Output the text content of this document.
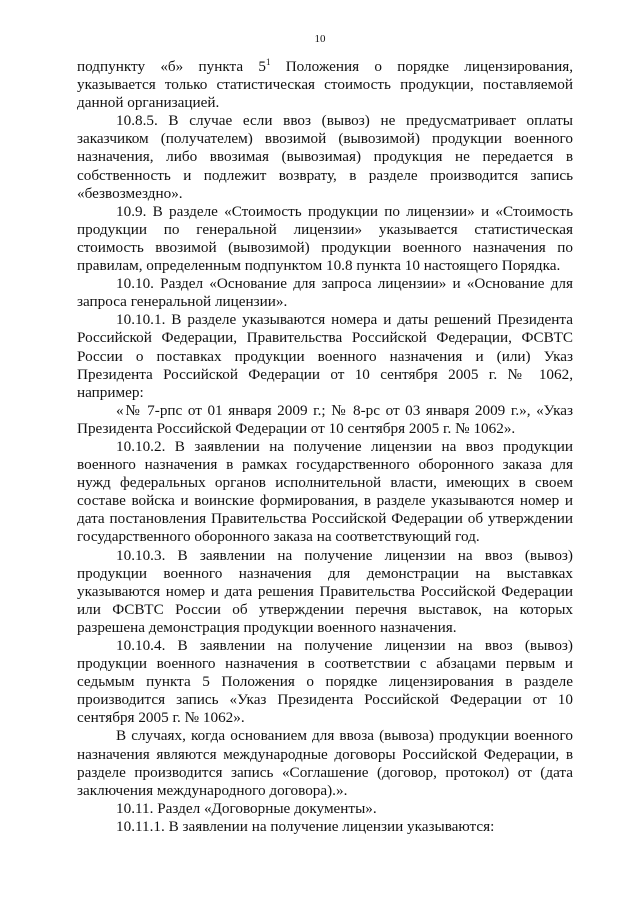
10

подпункту «б» пункта $5^1$ Положения о порядке лицензирования, указывается только статистическая стоимость продукции, поставляемой данной организацией.

10.8.5. В случае если ввоз (вывоз) не предусматривает оплаты заказчиком (получателем) ввозимой (вывозимой) продукции военного назначения, либо ввозимая (вывозимая) продукция не передается в собственность и подлежит возврату, в разделе производится запись «безвозмездно».

10.9. В разделе «Стоимость продукции по лицензии» и «Стоимость продукции по генеральной лицензии» указывается статистическая стоимость ввозимой (вывозимой) продукции военного назначения по правилам, определенным подпунктом 10.8 пункта 10 настоящего Порядка.

10.10. Раздел «Основание для запроса лицензии» и «Основание для запроса генеральной лицензии».

10.10.1. В разделе указываются номера и даты решений Президента Российской Федерации, Правительства Российской Федерации, ФСВТС России о поставках продукции военного назначения и (или) Указ Президента Российской Федерации от 10 сентября 2005 г. № 1062, например:

«№ 7-рпс от 01 января 2009 г.; № 8-рс от 03 января 2009 г.», «Указ Президента Российской Федерации от 10 сентября 2005 г. № 1062».

10.10.2. В заявлении на получение лицензии на ввоз продукции военного назначения в рамках государственного оборонного заказа для нужд федеральных органов исполнительной власти, имеющих в своем составе войска и воинские формирования, в разделе указываются номер и дата постановления Правительства Российской Федерации об утверждении государственного оборонного заказа на соответствующий год.

10.10.3. В заявлении на получение лицензии на ввоз (вывоз) продукции военного назначения для демонстрации на выставках указываются номер и дата решения Правительства Российской Федерации или ФСВТС России об утверждении перечня выставок, на которых разрешена демонстрация продукции военного назначения.

10.10.4. В заявлении на получение лицензии на ввоз (вывоз) продукции военного назначения в соответствии с абзацами первым и седьмым пункта 5 Положения о порядке лицензирования в разделе производится запись «Указ Президента Российской Федерации от 10 сентября 2005 г. № 1062».

В случаях, когда основанием для ввоза (вывоза) продукции военного назначения являются международные договоры Российской Федерации, в разделе производится запись «Соглашение (договор, протокол) от (дата заключения международного договора).».

10.11. Раздел «Договорные документы».

10.11.1. В заявлении на получение лицензии указываются:
